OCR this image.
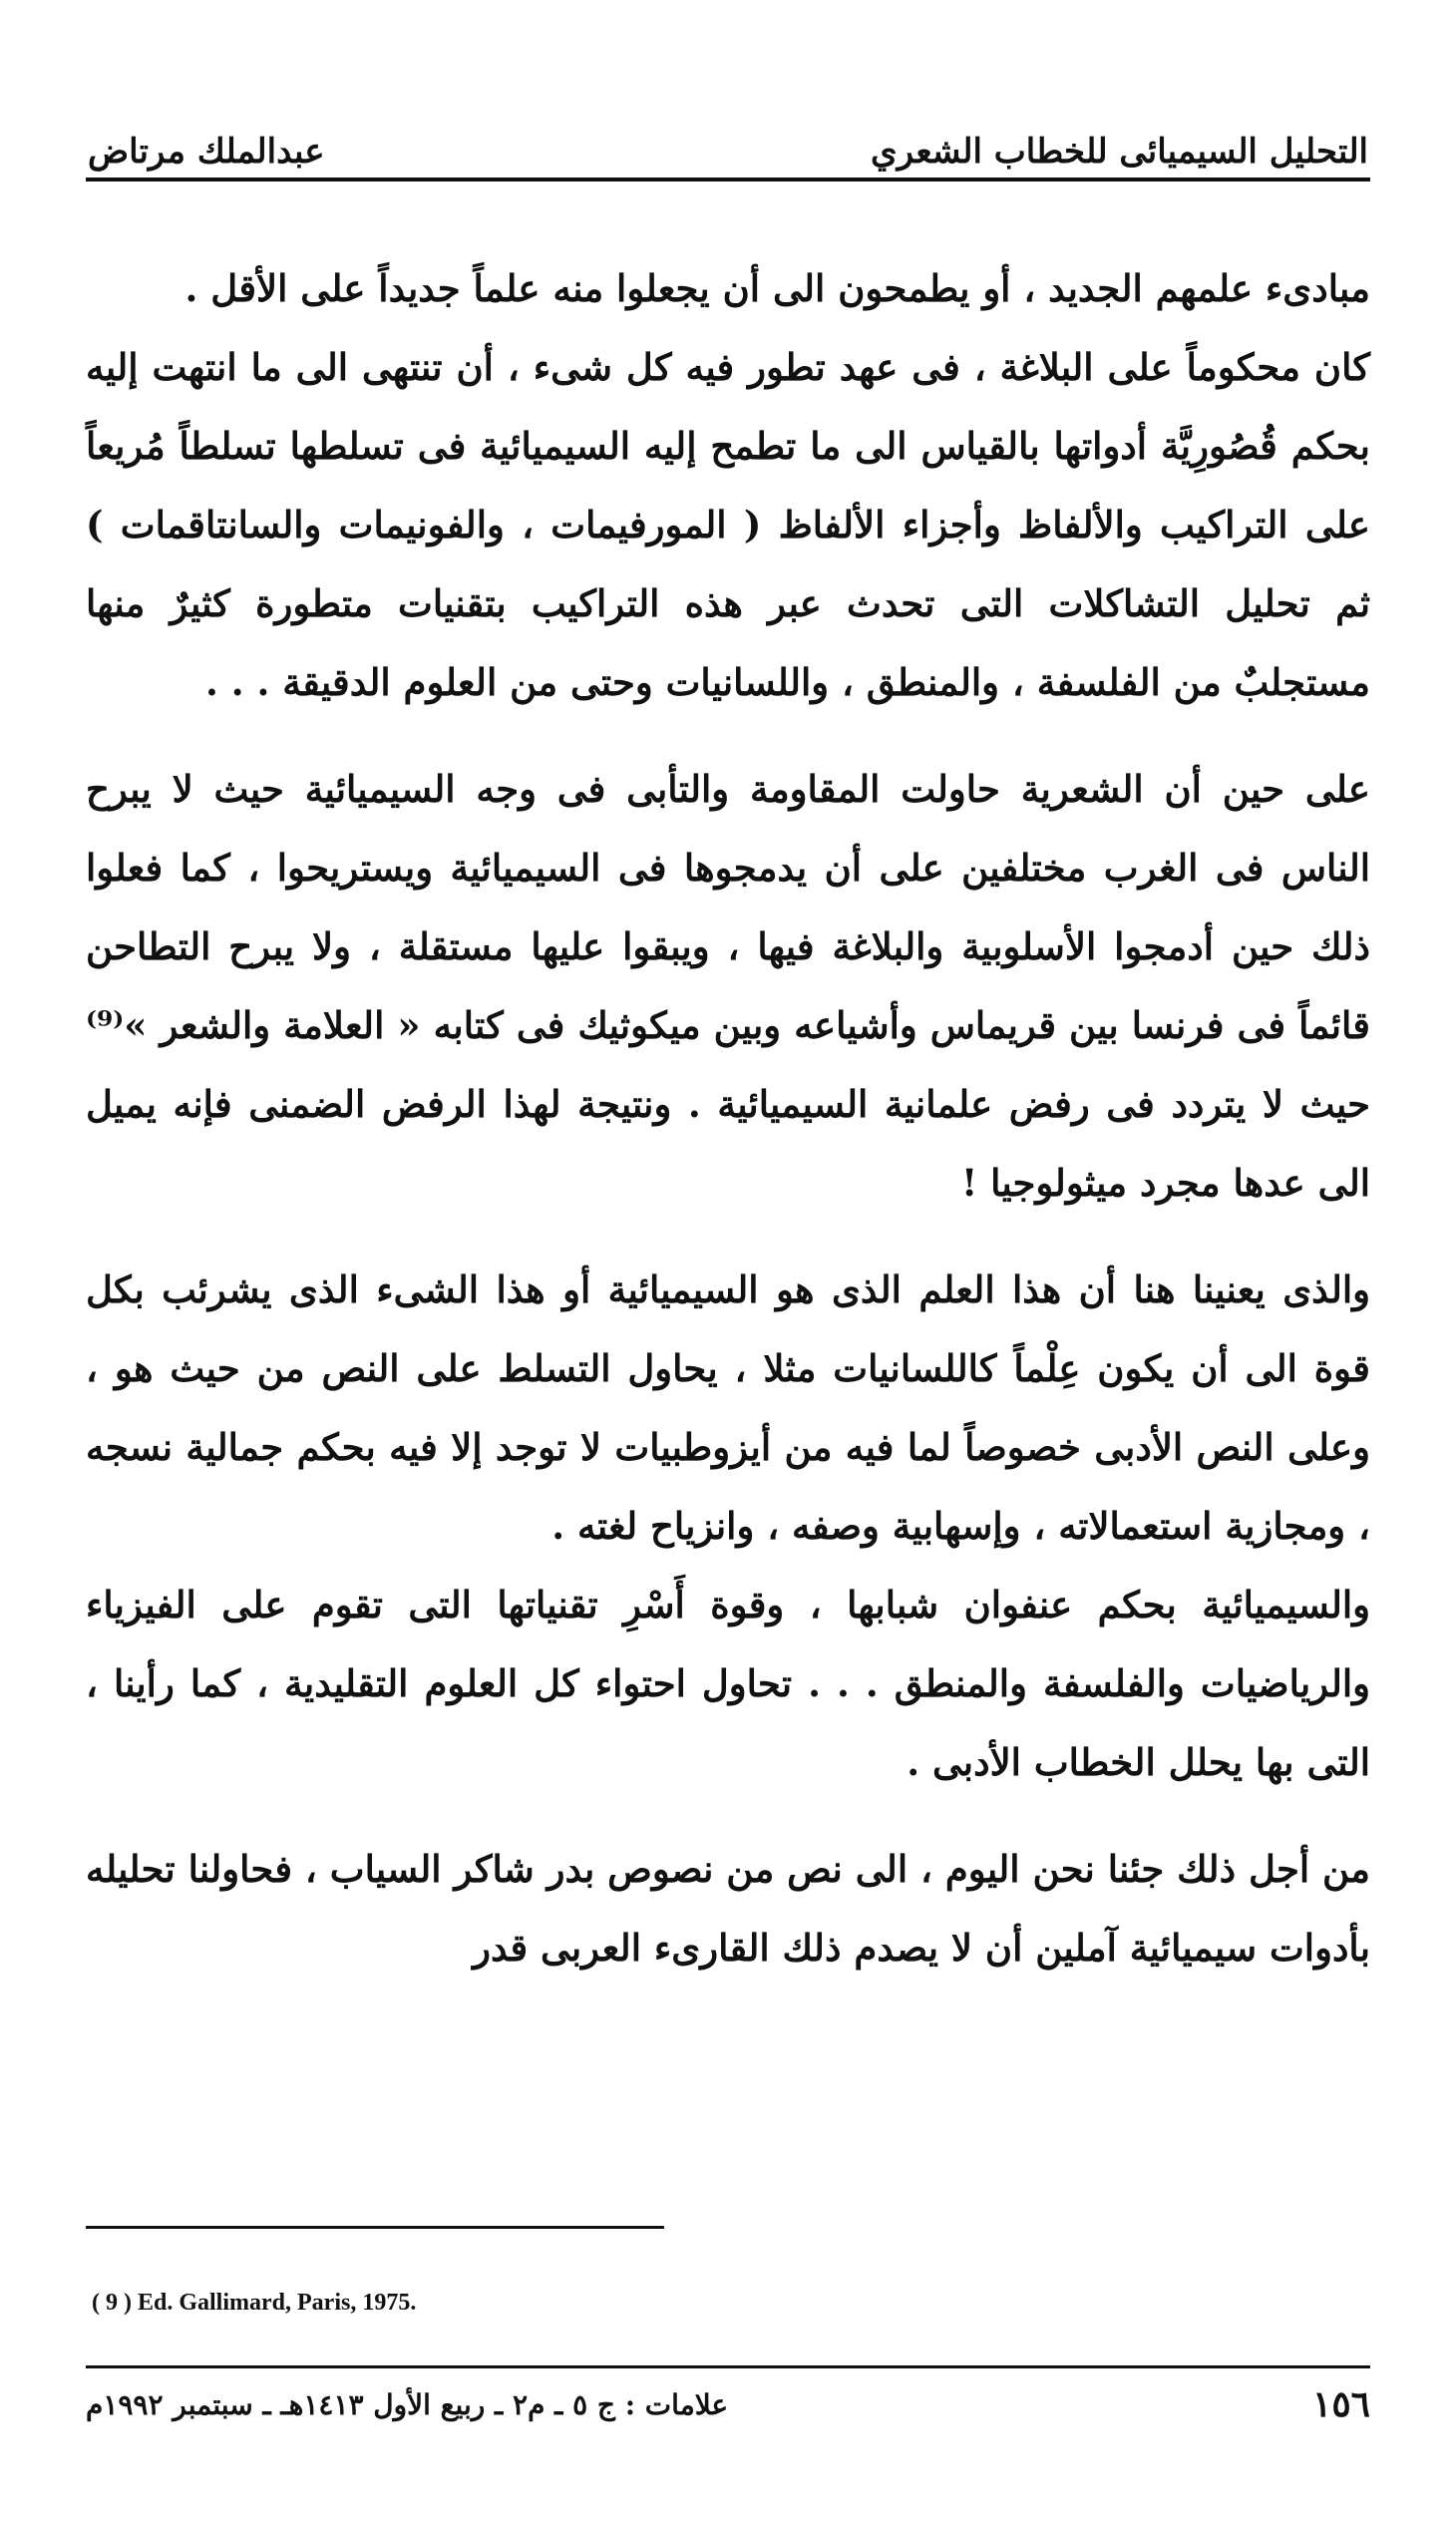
عبدالملك مرتاض	التحليل السيميائى للخطاب الشعري

مبادىء علمهم الجديد ، أو يطمحون الى أن يجعلوا منه علماً جديداً على الأقل .

كان محكوماً على البلاغة ، فى عهد تطور فيه كل شىء ، أن تنتهى الى ما انتهت إليه بحكم قُصُورِيَّة أدواتها بالقياس الى ما تطمح إليه السيميائية فى تسلطها تسلطاً مُريعاً على التراكيب والألفاظ وأجزاء الألفاظ ( المورفيمات ، والفونيمات والسانتاقمات ) ثم تحليل التشاكلات التى تحدث عبر هذه التراكيب بتقنيات متطورة كثيرٌ منها مستجلبٌ من الفلسفة ، والمنطق ، واللسانيات وحتى من العلوم الدقيقة . . .

على حين أن الشعرية حاولت المقاومة والتأبى فى وجه السيميائية حيث لا يبرح الناس فى الغرب مختلفين على أن يدمجوها فى السيميائية ويستريحوا ، كما فعلوا ذلك حين أدمجوا الأسلوبية والبلاغة فيها ، ويبقوا عليها مستقلة ، ولا يبرح التطاحن قائماً فى فرنسا بين قريماس وأشياعه وبين ميكوثيك فى كتابه « العلامة والشعر »⁽⁹⁾ حيث لا يتردد فى رفض علمانية السيميائية . ونتيجة لهذا الرفض الضمنى فإنه يميل الى عدها مجرد ميثولوجيا !

والذى يعنينا هنا أن هذا العلم الذى هو السيميائية أو هذا الشىء الذى يشرئب بكل قوة الى أن يكون عِلْماً كاللسانيات مثلا ، يحاول التسلط على النص من حيث هو ، وعلى النص الأدبى خصوصاً لما فيه من أيزوطبيات لا توجد إلا فيه بحكم جمالية نسجه ، ومجازية استعمالاته ، وإسهابية وصفه ، وانزياح لغته .

والسيميائية بحكم عنفوان شبابها ، وقوة أَسْرِ تقنياتها التى تقوم على الفيزياء والرياضيات والفلسفة والمنطق . . . تحاول احتواء كل العلوم التقليدية ، كما رأينا ، التى بها يحلل الخطاب الأدبى .

من أجل ذلك جئنا نحن اليوم ، الى نص من نصوص بدر شاكر السياب ، فحاولنا تحليله بأدوات سيميائية آملين أن لا يصدم ذلك القارىء العربى قدر

( 9 ) Ed. Gallimard, Paris, 1975.
علامات : ج ٥ ـ م٢ ـ ربيع الأول ١٤١٣هـ ـ سبتمبر ١٩٩٢م	١٥٦
